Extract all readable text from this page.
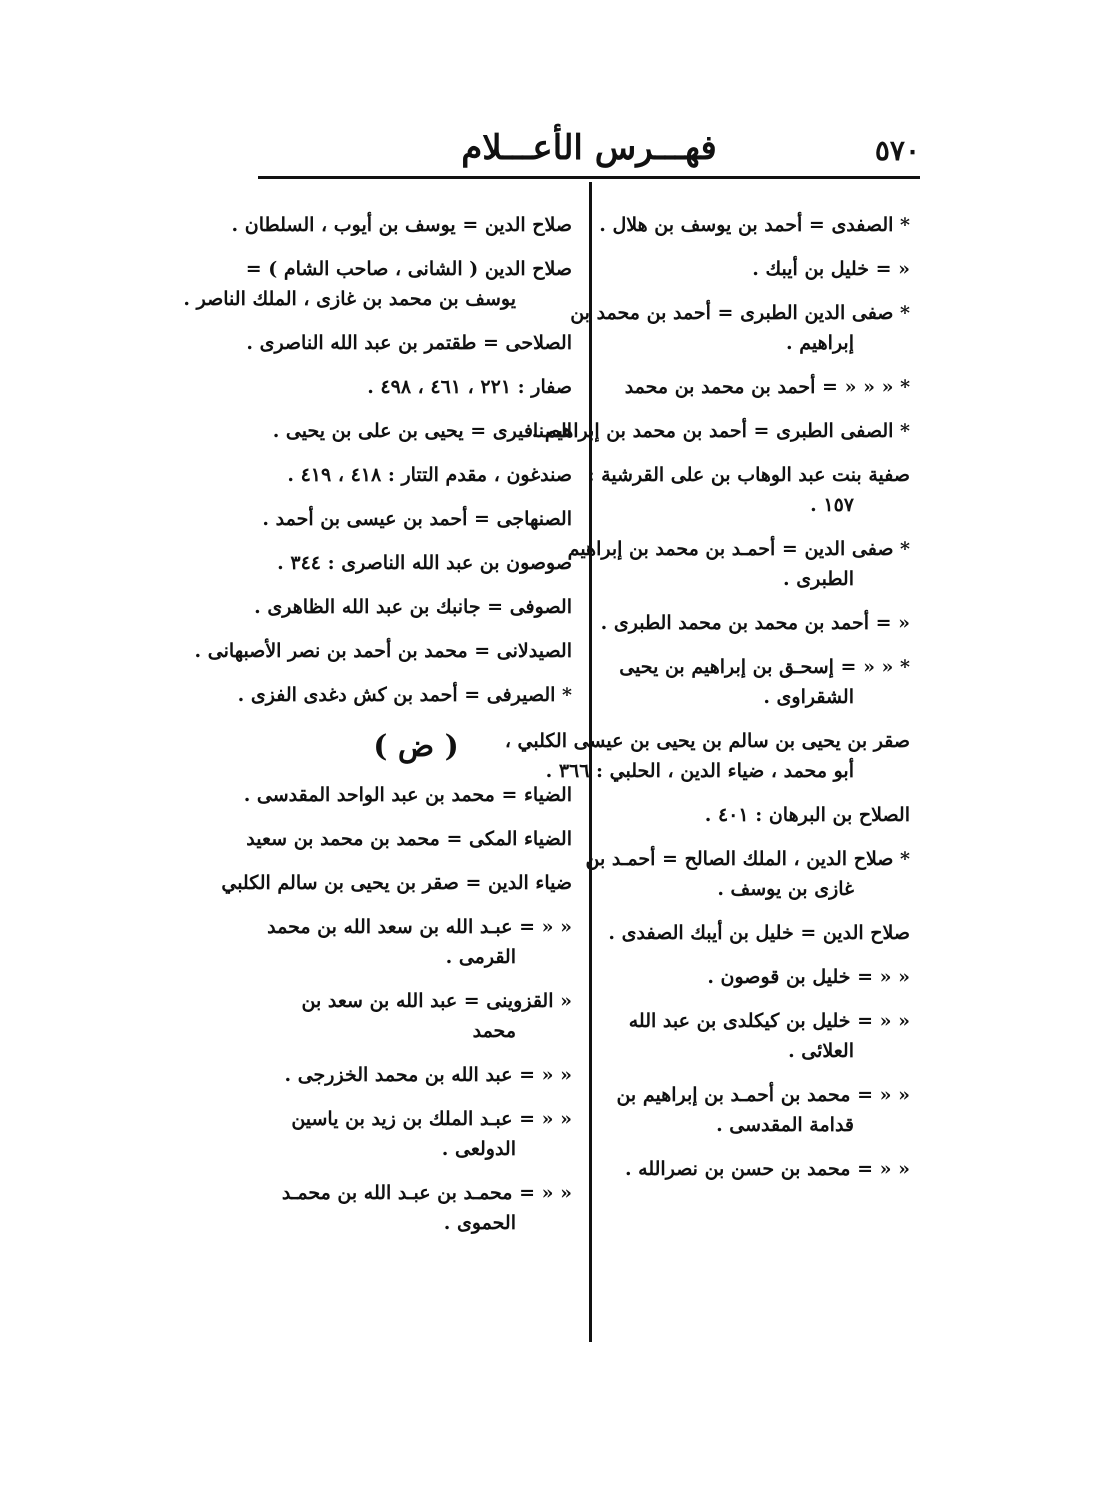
٥٧٠
فهـــرس الأعـــلام
* الصفدى = أحمد بن يوسف بن هلال .
« = خليل بن أيبك .
* صفى الدين الطبرى = أحمد بن محمد بن
إبراهيم .
* « « « = أحمد بن محمد بن محمد
* الصفى الطبرى = أحمد بن محمد بن إبراهيم .
صفية بنت عبد الوهاب بن على القرشية :
١٥٧ .
* صفى الدين = أحمـد بن محمد بن إبراهيم
الطبرى .
« = أحمد بن محمد بن محمد الطبرى .
* « « = إسحـق بن إبراهيم بن يحيى
الشقراوى .
صقر بن يحيى بن سالم بن يحيى بن عيسى الكلبي ،
أبو محمد ، ضياء الدين ، الحلبي : ٣٦٦ .
الصلاح بن البرهان : ٤٠١ .
* صلاح الدين ، الملك الصالح = أحمـد بن
غازى بن يوسف .
صلاح الدين = خليل بن أيبك الصفدى .
« « = خليل بن قوصون .
« « = خليل بن كيكلدى بن عبد الله
العلائى .
« « = محمد بن أحمـد بن إبراهيم بن
قدامة المقدسى .
« « = محمد بن حسن بن نصرالله .
صلاح الدين = يوسف بن أيوب ، السلطان .
صلاح الدين ( الشانى ، صاحب الشام ) =
يوسف بن محمد بن غازى ، الملك الناصر .
الصلاحى = طقتمر بن عبد الله الناصرى .
صفار : ٢٢١ ، ٤٦١ ، ٤٩٨ .
الصنافيرى = يحيى بن على بن يحيى .
صندغون ، مقدم التتار : ٤١٨ ، ٤١٩ .
الصنهاجى = أحمد بن عيسى بن أحمد .
صوصون بن عبد الله الناصرى : ٣٤٤ .
الصوفى = جانبك بن عبد الله الظاهرى .
الصيدلانى = محمد بن أحمد بن نصر الأصبهانى .
* الصيرفى = أحمد بن كش دغدى الفزى .
( ض )
الضياء = محمد بن عبد الواحد المقدسى .
الضياء المكى = محمد بن محمد بن سعيد
ضياء الدين = صقر بن يحيى بن سالم الكلبي
« « = عبـد الله بن سعد الله بن محمد
القرمى .
« القزوينى = عبد الله بن سعد بن
محمد
« « = عبد الله بن محمد الخزرجى .
« « = عبـد الملك بن زيد بن ياسين
الدولعى .
« « = محمـد بن عبـد الله بن محمـد
الحموى .
